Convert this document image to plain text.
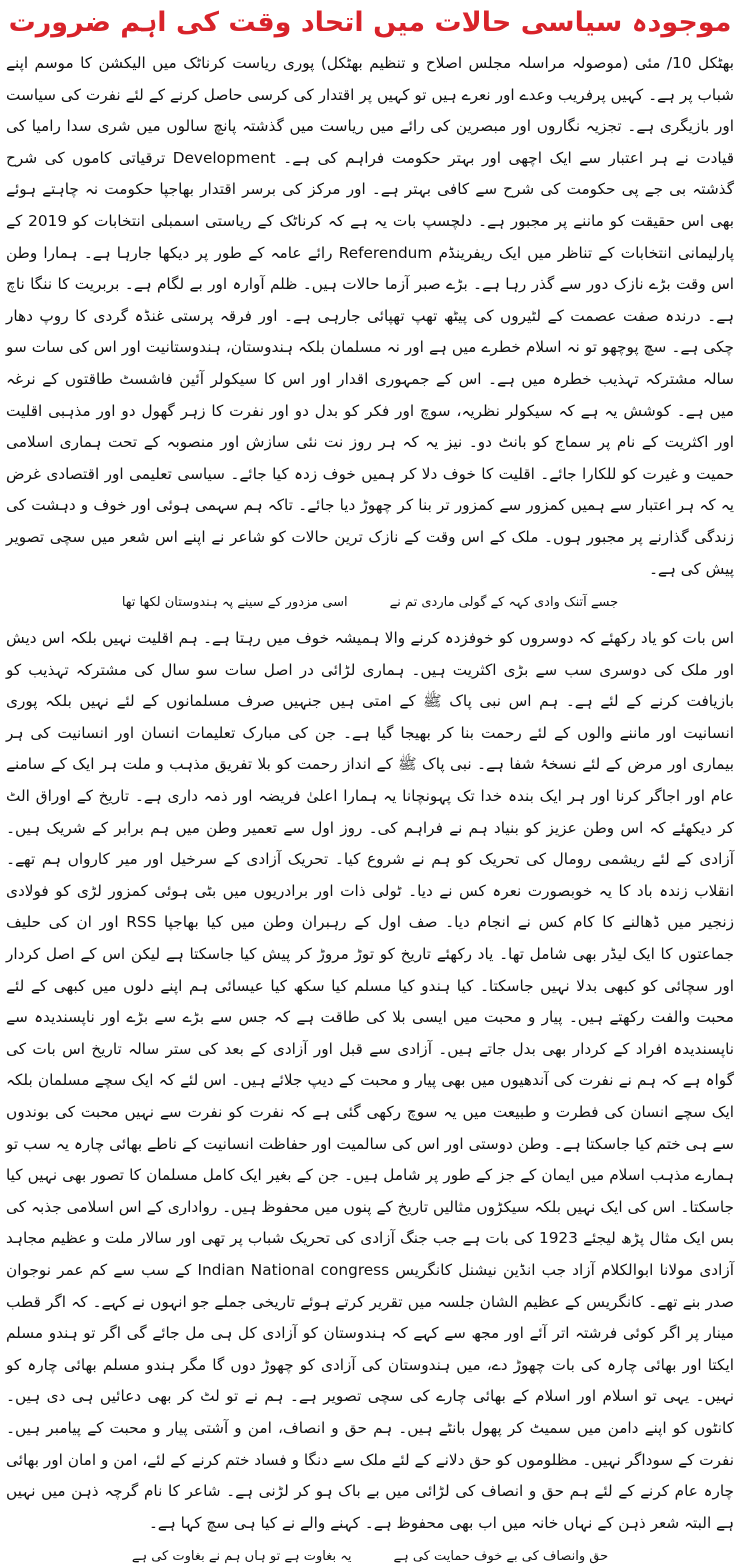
موجودہ سیاسی حالات میں اتحاد وقت کی اہم ضرورت

بھٹکل 10/ مئی (موصولہ مراسلہ مجلس اصلاح و تنظیم بھٹکل) پوری ریاست کرناٹک میں الیکشن کا موسم اپنے شباب پر ہے۔ کہیں پرفریب وعدے اور نعرے ہیں تو کہیں پر اقتدار کی کرسی حاصل کرنے کے لئے نفرت کی سیاست اور بازیگری ہے۔ تجزیہ نگاروں اور مبصرین کی رائے میں ریاست میں گذشتہ پانچ سالوں میں شری سدا رامیا کی قیادت نے ہر اعتبار سے ایک اچھی اور بہتر حکومت فراہم کی ہے۔ Development ترقیاتی کاموں کی شرح گذشتہ بی جے پی حکومت کی شرح سے کافی بہتر ہے۔ اور مرکز کی برسر اقتدار بھاجپا حکومت نہ چاہتے ہوئے بھی اس حقیقت کو ماننے پر مجبور ہے۔ دلچسپ بات یہ ہے کہ کرناٹک کے ریاستی اسمبلی انتخابات کو 2019 کے پارلیمانی انتخابات کے تناظر میں ایک ریفرینڈم Referendum رائے عامہ کے طور پر دیکھا جارہا ہے۔ ہمارا وطن اس وقت بڑے نازک دور سے گذر رہا ہے۔ بڑے صبر آزما حالات ہیں۔ ظلم آوارہ اور بے لگام ہے۔ بربریت کا ننگا ناچ ہے۔ درندہ صفت عصمت کے لٹیروں کی پیٹھ تھپ تھپائی جارہی ہے۔ اور فرقہ پرستی غنڈہ گردی کا روپ دھار چکی ہے۔ سچ پوچھو تو نہ اسلام خطرے میں ہے اور نہ مسلمان بلکہ ہندوستان، ہندوستانیت اور اس کی سات سو سالہ مشترکہ تہذیب خطرہ میں ہے۔ اس کے جمہوری اقدار اور اس کا سیکولر آئین فاشسٹ طاقتوں کے نرغہ میں ہے۔ کوشش یہ ہے کہ سیکولر نظریہ، سوچ اور فکر کو بدل دو اور نفرت کا زہر گھول دو اور مذہبی اقلیت اور اکثریت کے نام پر سماج کو بانٹ دو۔ نیز یہ کہ ہر روز نت نئی سازش اور منصوبہ کے تحت ہماری اسلامی حمیت و غیرت کو للکارا جائے۔ اقلیت کا خوف دلا کر ہمیں خوف زدہ کیا جائے۔ سیاسی تعلیمی اور اقتصادی غرض یہ کہ ہر اعتبار سے ہمیں کمزور سے کمزور تر بنا کر چھوڑ دیا جائے۔ تاکہ ہم سہمی ہوئی اور خوف و دہشت کی زندگی گذارنے پر مجبور ہوں۔ ملک کے اس وقت کے نازک ترین حالات کو شاعر نے اپنے اس شعر میں سچی تصویر پیش کی ہے۔

جسے آتنک وادی کہہ کے گولی ماردی تم نے
اسی مزدور کے سینے پہ ہندوستان لکھا تھا

اس بات کو یاد رکھئے کہ دوسروں کو خوفزدہ کرنے والا ہمیشہ خوف میں رہتا ہے۔ ہم اقلیت نہیں بلکہ اس دیش اور ملک کی دوسری سب سے بڑی اکثریت ہیں۔ ہماری لڑائی در اصل سات سو سال کی مشترکہ تہذیب کو بازیافت کرنے کے لئے ہے۔ ہم اس نبی پاک ﷺ کے امتی ہیں جنہیں صرف مسلمانوں کے لئے نہیں بلکہ پوری انسانیت اور ماننے والوں کے لئے رحمت بنا کر بھیجا گیا ہے۔ جن کی مبارک تعلیمات انسان اور انسانیت کی ہر بیماری اور مرض کے لئے نسخۂ شفا ہے۔ نبی پاک ﷺ کے انداز رحمت کو بلا تفریق مذہب و ملت ہر ایک کے سامنے عام اور اجاگر کرنا اور ہر ایک بندہ خدا تک پہونچانا یہ ہمارا اعلیٰ فریضہ اور ذمہ داری ہے۔ تاریخ کے اوراق الٹ کر دیکھئے کہ اس وطن عزیز کو بنیاد ہم نے فراہم کی۔ روز اول سے تعمیر وطن میں ہم برابر کے شریک ہیں۔ آزادی کے لئے ریشمی رومال کی تحریک کو ہم نے شروع کیا۔ تحریک آزادی کے سرخیل اور میر کارواں ہم تھے۔ انقلاب زندہ باد کا یہ خوبصورت نعرہ کس نے دیا۔ ٹولی ذات اور برادریوں میں بٹی ہوئی کمزور لڑی کو فولادی زنجیر میں ڈھالنے کا کام کس نے انجام دیا۔ صف اول کے رہبران وطن میں کیا بھاجپا RSS اور ان کی حلیف جماعتوں کا ایک لیڈر بھی شامل تھا۔ یاد رکھئے تاریخ کو توڑ مروڑ کر پیش کیا جاسکتا ہے لیکن اس کے اصل کردار اور سچائی کو کبھی بدلا نہیں جاسکتا۔ کیا ہندو کیا مسلم کیا سکھ کیا عیسائی ہم اپنے دلوں میں کبھی کے لئے محبت والفت رکھتے ہیں۔ پیار و محبت میں ایسی بلا کی طاقت ہے کہ جس سے بڑے سے بڑے اور ناپسندیدہ سے ناپسندیدہ افراد کے کردار بھی بدل جاتے ہیں۔ آزادی سے قبل اور آزادی کے بعد کی ستر سالہ تاریخ اس بات کی گواہ ہے کہ ہم نے نفرت کی آندھیوں میں بھی پیار و محبت کے دیپ جلائے ہیں۔ اس لئے کہ ایک سچے مسلمان بلکہ ایک سچے انسان کی فطرت و طبیعت میں یہ سوچ رکھی گئی ہے کہ نفرت کو نفرت سے نہیں محبت کی بوندوں سے ہی ختم کیا جاسکتا ہے۔ وطن دوستی اور اس کی سالمیت اور حفاظت انسانیت کے ناطے بھائی چارہ یہ سب تو ہمارے مذہب اسلام میں ایمان کے جز کے طور پر شامل ہیں۔ جن کے بغیر ایک کامل مسلمان کا تصور بھی نہیں کیا جاسکتا۔ اس کی ایک نہیں بلکہ سیکڑوں مثالیں تاریخ کے پنوں میں محفوظ ہیں۔ رواداری کے اس اسلامی جذبہ کی بس ایک مثال پڑھ لیجئے 1923 کی بات ہے جب جنگ آزادی کی تحریک شباب پر تھی اور سالار ملت و عظیم مجاہد آزادی مولانا ابوالکلام آزاد جب انڈین نیشنل کانگریس Indian National congress کے سب سے کم عمر نوجوان صدر بنے تھے۔ کانگریس کے عظیم الشان جلسہ میں تقریر کرتے ہوئے تاریخی جملے جو انہوں نے کہے۔ کہ اگر قطب مینار پر اگر کوئی فرشتہ اتر آئے اور مجھ سے کہے کہ ہندوستان کو آزادی کل ہی مل جائے گی اگر تو ہندو مسلم ایکتا اور بھائی چارہ کی بات چھوڑ دے، میں ہندوستان کی آزادی کو چھوڑ دوں گا مگر ہندو مسلم بھائی چارہ کو نہیں۔ یہی تو اسلام اور اسلام کے بھائی چارے کی سچی تصویر ہے۔ ہم نے تو لٹ کر بھی دعائیں ہی دی ہیں۔ کانٹوں کو اپنے دامن میں سمیٹ کر پھول بانٹے ہیں۔ ہم حق و انصاف، امن و آشتی پیار و محبت کے پیامبر ہیں۔ نفرت کے سوداگر نہیں۔ مظلوموں کو حق دلانے کے لئے ملک سے دنگا و فساد ختم کرنے کے لئے، امن و امان اور بھائی چارہ عام کرنے کے لئے ہم حق و انصاف کی لڑائی میں بے باک ہو کر لڑنی ہے۔ شاعر کا نام گرچہ ذہن میں نہیں ہے البتہ شعر ذہن کے نہاں خانہ میں اب بھی محفوظ ہے۔ کہنے والے نے کیا ہی سچ کہا ہے۔

حق وانصاف کی بے خوف حمایت کی ہے
یہ بغاوت ہے تو ہاں ہم نے بغاوت کی ہے
